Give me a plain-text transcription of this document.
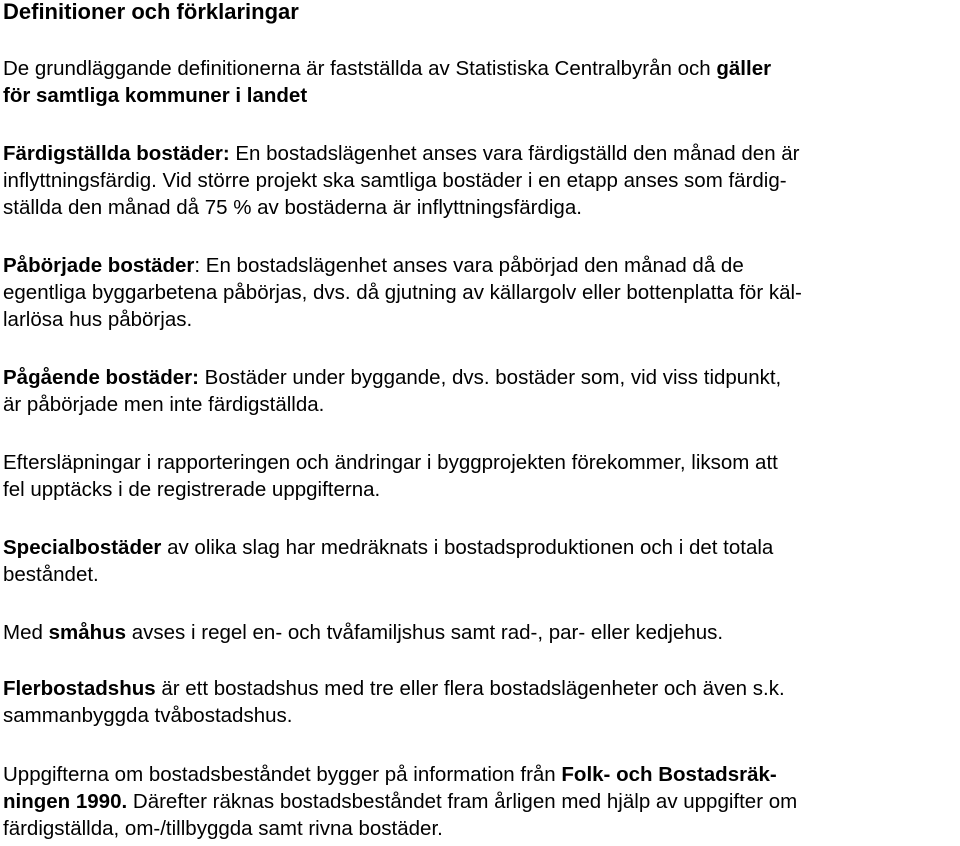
Definitioner och förklaringar
De grundläggande definitionerna är fastställda av Statistiska Centralbyrån och gäller
för samtliga kommuner i landet
Färdigställda bostäder: En bostadslägenhet anses vara färdigställd den månad den är
inflyttningsfärdig. Vid större projekt ska samtliga bostäder i en etapp anses som färdig-
ställda den månad då 75 % av bostäderna är inflyttningsfärdiga.
Påbörjade bostäder: En bostadslägenhet anses vara påbörjad den månad då de
egentliga byggarbetena påbörjas, dvs. då gjutning av källargolv eller bottenplatta för käl-
larlösa hus påbörjas.
Pågående bostäder: Bostäder under byggande, dvs. bostäder som, vid viss tidpunkt,
är påbörjade men inte färdigställda.
Eftersläpningar i rapporteringen och ändringar i byggprojekten förekommer, liksom att
fel upptäcks i de registrerade uppgifterna.
Specialbostäder av olika slag har medräknats i bostadsproduktionen och i det totala
beståndet.
Med småhus avses i regel en- och tvåfamiljshus samt rad-, par- eller kedjehus.
Flerbostadshus är ett bostadshus med tre eller flera bostadslägenheter och även s.k.
sammanbyggda tvåbostadshus.
Uppgifterna om bostadsbeståndet bygger på information från Folk- och Bostadsräk-
ningen 1990. Därefter räknas bostadsbeståndet fram årligen med hjälp av uppgifter om
färdigställda, om-/tillbyggda samt rivna bostäder.
